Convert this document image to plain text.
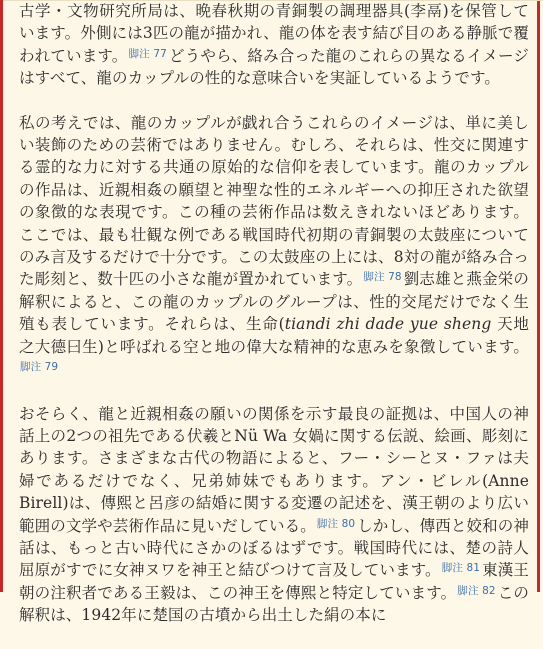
古学・文物研究所局は、晩春秋期の青銅製の調理器具(李鬲)を保管しています。外側には3匹の龍が描かれ、龍の体を表す結び目のある静脈で覆われています。$^{脚注 77}$ どうやら、絡み合った龍のこれらの異なるイメージはすべて、龍のカップルの性的な意味合いを実証しているようです。

私の考えでは、龍のカップルが戯れ合うこれらのイメージは、単に美しい装飾のための芸術ではありません。むしろ、それらは、性交に関連する霊的な力に対する共通の原始的な信仰を表しています。龍のカップルの作品は、近親相姦の願望と神聖な性的エネルギーへの抑圧された欲望の象徴的な表現です。この種の芸術作品は数えきれないほどあります。ここでは、最も壮観な例である戦国時代初期の青銅製の太鼓座についてのみ言及するだけで十分です。この太鼓座の上には、8対の龍が絡み合った彫刻と、数十匹の小さな龍が置かれています。$^{脚注 78}$ 劉志雄と燕金栄の解釈によると、この龍のカップルのグループは、性的交尾だけでなく生殖も表しています。それらは、生命(tiandi zhi dade yue sheng 天地之大德曰生)と呼ばれる空と地の偉大な精神的な恵みを象徴しています。$^{脚注 79}$

おそらく、龍と近親相姦の願いの関係を示す最良の証拠は、中国人の神話上の2つの祖先である伏羲とNü Wa 女媧に関する伝説、絵画、彫刻にあります。さまざまな古代の物語によると、フー・シーとヌ・ファは夫婦であるだけでなく、兄弟姉妹でもあります。アン・ビレル(Anne Birell)は、傳熙と呂彦の結婚に関する変遷の記述を、漢王朝のより広い範囲の文学や芸術作品に見いだしている。$^{脚注 80}$ しかし、傳西と姣和の神話は、もっと古い時代にさかのぼるはずです。戦国時代には、楚の詩人屈原がすでに女神ヌワを神王と結びつけて言及しています。$^{脚注 81}$ 東漢王朝の注釈者である王毅は、この神王を傳熙と特定しています。$^{脚注 82}$ この解釈は、1942年に楚国の古墳から出土した絹の本に
